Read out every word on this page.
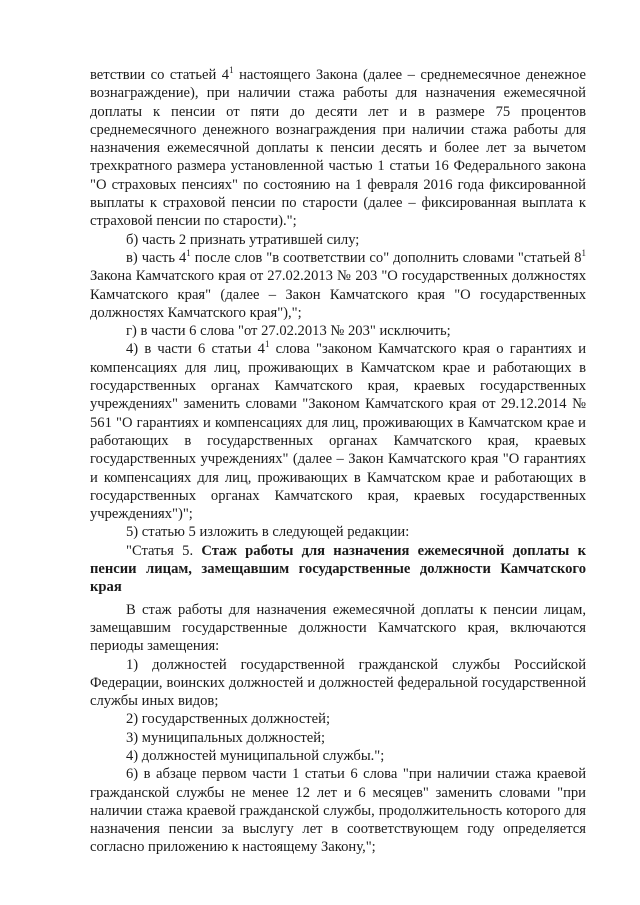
ветствии со статьей $4^1$ настоящего Закона (далее – среднемесячное денежное вознаграждение), при наличии стажа работы для назначения ежемесячной доплаты к пенсии от пяти до десяти лет и в размере 75 процентов среднемесячного денежного вознаграждения при наличии стажа работы для назначения ежемесячной доплаты к пенсии десять и более лет за вычетом трехкратного размера установленной частью 1 статьи 16 Федерального закона "О страховых пенсиях" по состоянию на 1 февраля 2016 года фиксированной выплаты к страховой пенсии по старости (далее – фиксированная выплата к страховой пенсии по старости).";

б) часть 2 признать утратившей силу;

в) часть $4^1$ после слов "в соответствии со" дополнить словами "статьей $8^1$ Закона Камчатского края от 27.02.2013 № 203 "О государственных должностях Камчатского края" (далее – Закон Камчатского края "О государственных должностях Камчатского края"),";

г) в части 6 слова "от 27.02.2013 № 203" исключить;

4) в части 6 статьи $4^1$ слова "законом Камчатского края о гарантиях и компенсациях для лиц, проживающих в Камчатском крае и работающих в государственных органах Камчатского края, краевых государственных учреждениях" заменить словами "Законом Камчатского края от 29.12.2014 № 561 "О гарантиях и компенсациях для лиц, проживающих в Камчатском крае и работающих в государственных органах Камчатского края, краевых государственных учреждениях" (далее – Закон Камчатского края "О гарантиях и компенсациях для лиц, проживающих в Камчатском крае и работающих в государственных органах Камчатского края, краевых государственных учреждениях")";

5) статью 5 изложить в следующей редакции:

"Статья 5. Стаж работы для назначения ежемесячной доплаты к пенсии лицам, замещавшим государственные должности Камчатского края

В стаж работы для назначения ежемесячной доплаты к пенсии лицам, замещавшим государственные должности Камчатского края, включаются периоды замещения:

1) должностей государственной гражданской службы Российской Федерации, воинских должностей и должностей федеральной государственной службы иных видов;

2) государственных должностей;

3) муниципальных должностей;

4) должностей муниципальной службы.";

6) в абзаце первом части 1 статьи 6 слова "при наличии стажа краевой гражданской службы не менее 12 лет и 6 месяцев" заменить словами "при наличии стажа краевой гражданской службы, продолжительность которого для назначения пенсии за выслугу лет в соответствующем году определяется согласно приложению к настоящему Закону,";
